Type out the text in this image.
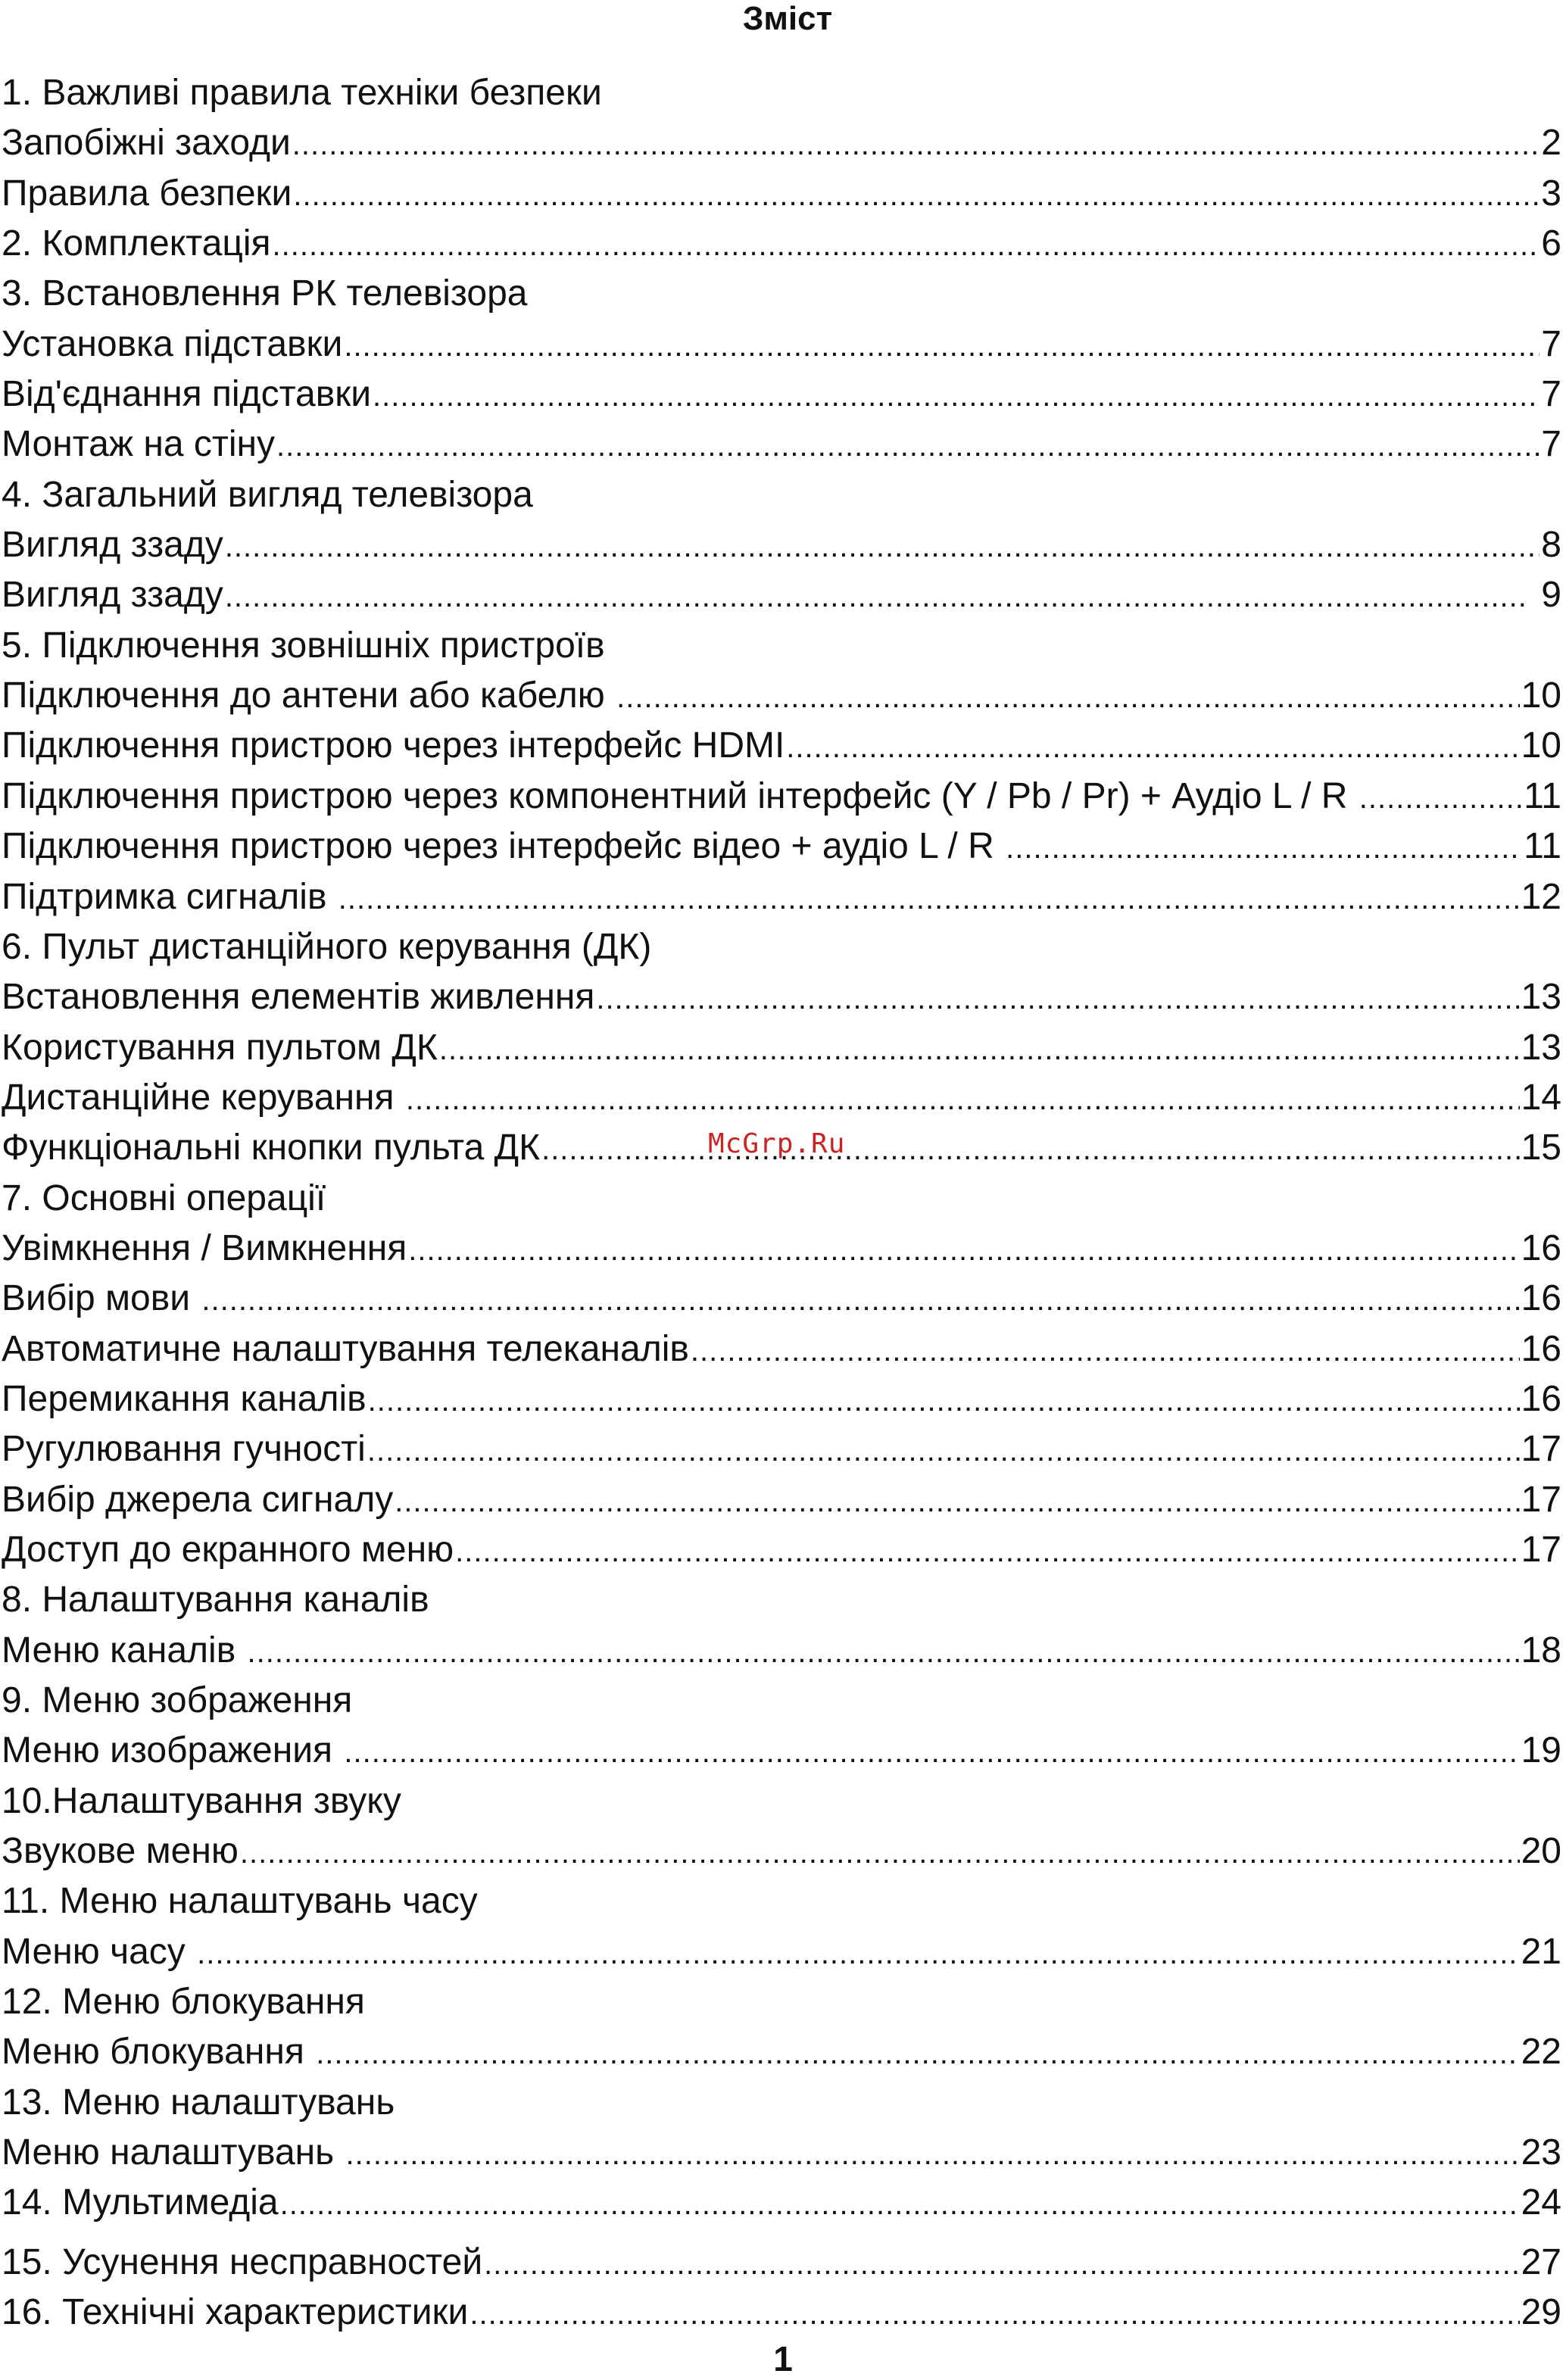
Зміст
1. Важливі правила техніки безпеки
Запобіжні заходи .....	2
Правила безпеки .....	3
2. Комплектація .....	6
3. Встановлення РК телевізора
Установка підставки .....	7
Від'єднання підставки .....	7
Монтаж на стіну .....	7
4. Загальний вигляд телевізора
Вигляд ззаду .....	8
Вигляд ззаду .....	9
5. Підключення зовнішніх пристроїв
Підключення до антени або кабелю .....	10
Підключення пристрою через інтерфейс HDMI .....	10
Підключення пристрою через компонентний інтерфейс (Y / Pb / Pr) + Аудіо L / R .....	11
Підключення пристрою через інтерфейс відео + аудіо L / R .....	11
Підтримка сигналів .....	12
6. Пульт дистанційного керування (ДК)
Встановлення елементів живлення .....	13
Користування пультом ДК .....	13
Дистанційне керування .....	14
Функціональні кнопки пульта ДК .....	15
7. Основні операції
Увімкнення / Вимкнення .....	16
Вибір мови .....	16
Автоматичне налаштування телеканалів .....	16
Перемикання каналів .....	16
Ругулювання гучності .....	17
Вибір джерела сигналу .....	17
Доступ до екранного меню .....	17
8. Налаштування каналів
Меню каналів .....	18
9. Меню зображення
Меню изображения .....	19
10.Налаштування звуку
Звукове меню .....	20
11. Меню налаштувань часу
Меню часу .....	21
12. Меню блокування
Меню блокування .....	22
13. Меню налаштувань
Меню налаштувань .....	23
14. Мультимедіа .....	24
15. Усунення несправностей .....	27
16. Технічні характеристики .....	29
McGrp.Ru
1
